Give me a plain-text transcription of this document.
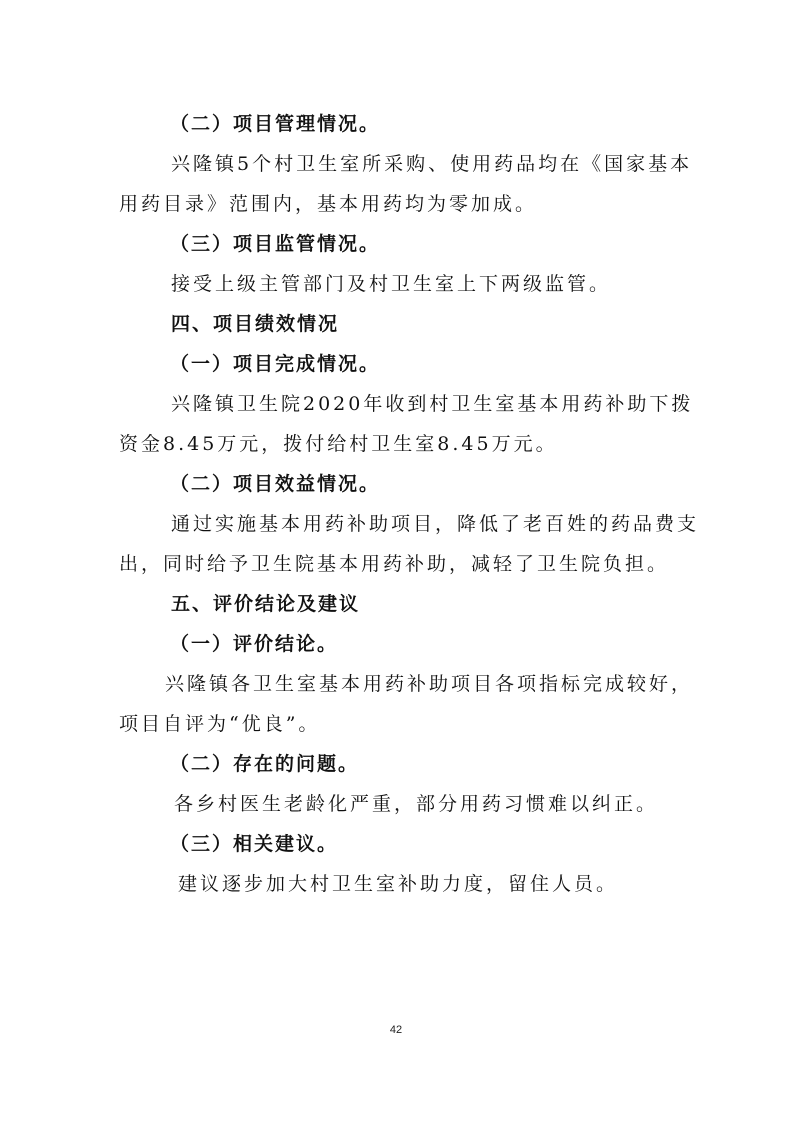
（二）项目管理情况。
兴隆镇5个村卫生室所采购、使用药品均在《国家基本
用药目录》范围内，基本用药均为零加成。
（三）项目监管情况。
接受上级主管部门及村卫生室上下两级监管。
四、项目绩效情况
（一）项目完成情况。
兴隆镇卫生院2020年收到村卫生室基本用药补助下拨
资金8.45万元，拨付给村卫生室8.45万元。
（二）项目效益情况。
通过实施基本用药补助项目，降低了老百姓的药品费支
出，同时给予卫生院基本用药补助，减轻了卫生院负担。
五、评价结论及建议
（一）评价结论。
兴隆镇各卫生室基本用药补助项目各项指标完成较好，
项目自评为“优良”。
（二）存在的问题。
各乡村医生老龄化严重，部分用药习惯难以纠正。
（三）相关建议。
建议逐步加大村卫生室补助力度，留住人员。
42
